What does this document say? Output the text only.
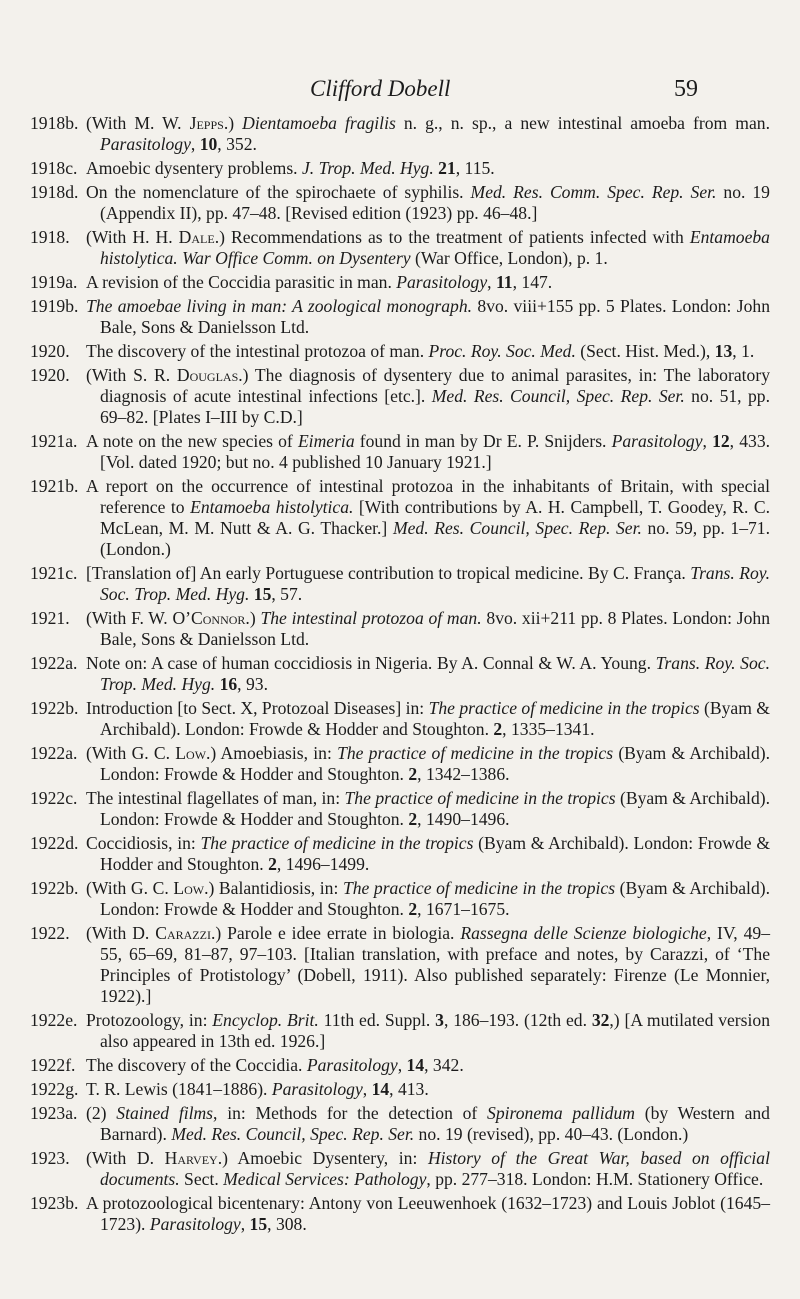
Clifford Dobell	59
1918b. (With M. W. Jepps.) Dientamoeba fragilis n. g., n. sp., a new intestinal amoeba from man. Parasitology, 10, 352.
1918c. Amoebic dysentery problems. J. Trop. Med. Hyg. 21, 115.
1918d. On the nomenclature of the spirochaete of syphilis. Med. Res. Comm. Spec. Rep. Ser. no. 19 (Appendix II), pp. 47–48. [Revised edition (1923) pp. 46–48.]
1918. (With H. H. Dale.) Recommendations as to the treatment of patients infected with Entamoeba histolytica. War Office Comm. on Dysentery (War Office, London), p. 1.
1919a. A revision of the Coccidia parasitic in man. Parasitology, 11, 147.
1919b. The amoebae living in man: A zoological monograph. 8vo. viii+155 pp. 5 Plates. London: John Bale, Sons & Danielsson Ltd.
1920. The discovery of the intestinal protozoa of man. Proc. Roy. Soc. Med. (Sect. Hist. Med.), 13, 1.
1920. (With S. R. Douglas.) The diagnosis of dysentery due to animal parasites, in: The laboratory diagnosis of acute intestinal infections [etc.]. Med. Res. Council, Spec. Rep. Ser. no. 51, pp. 69–82. [Plates I–III by C.D.]
1921a. A note on the new species of Eimeria found in man by Dr E. P. Snijders. Parasitology, 12, 433. [Vol. dated 1920; but no. 4 published 10 January 1921.]
1921b. A report on the occurrence of intestinal protozoa in the inhabitants of Britain, with special reference to Entamoeba histolytica. [With contributions by A. H. Campbell, T. Goodey, R. C. McLean, M. M. Nutt & A. G. Thacker.] Med. Res. Council, Spec. Rep. Ser. no. 59, pp. 1–71. (London.)
1921c. [Translation of] An early Portuguese contribution to tropical medicine. By C. França. Trans. Roy. Soc. Trop. Med. Hyg. 15, 57.
1921. (With F. W. O’Connor.) The intestinal protozoa of man. 8vo. xii+211 pp. 8 Plates. London: John Bale, Sons & Danielsson Ltd.
1922a. Note on: A case of human coccidiosis in Nigeria. By A. Connal & W. A. Young. Trans. Roy. Soc. Trop. Med. Hyg. 16, 93.
1922b. Introduction [to Sect. X, Protozoal Diseases] in: The practice of medicine in the tropics (Byam & Archibald). London: Frowde & Hodder and Stoughton. 2, 1335–1341.
1922a. (With G. C. Low.) Amoebiasis, in: The practice of medicine in the tropics (Byam & Archibald). London: Frowde & Hodder and Stoughton. 2, 1342–1386.
1922c. The intestinal flagellates of man, in: The practice of medicine in the tropics (Byam & Archibald). London: Frowde & Hodder and Stoughton. 2, 1490–1496.
1922d. Coccidiosis, in: The practice of medicine in the tropics (Byam & Archibald). London: Frowde & Hodder and Stoughton. 2, 1496–1499.
1922b. (With G. C. Low.) Balantidiosis, in: The practice of medicine in the tropics (Byam & Archibald). London: Frowde & Hodder and Stoughton. 2, 1671–1675.
1922. (With D. Carazzi.) Parole e idee errate in biologia. Rassegna delle Scienze biologiche, IV, 49–55, 65–69, 81–87, 97–103. [Italian translation, with preface and notes, by Carazzi, of ‘The Principles of Protistology’ (Dobell, 1911). Also published separately: Firenze (Le Monnier, 1922).]
1922e. Protozoology, in: Encyclop. Brit. 11th ed. Suppl. 3, 186–193. (12th ed. 32,) [A mutilated version also appeared in 13th ed. 1926.]
1922f. The discovery of the Coccidia. Parasitology, 14, 342.
1922g. T. R. Lewis (1841–1886). Parasitology, 14, 413.
1923a. (2) Stained films, in: Methods for the detection of Spironema pallidum (by Western and Barnard). Med. Res. Council, Spec. Rep. Ser. no. 19 (revised), pp. 40–43. (London.)
1923. (With D. Harvey.) Amoebic Dysentery, in: History of the Great War, based on official documents. Sect. Medical Services: Pathology, pp. 277–318. London: H.M. Stationery Office.
1923b. A protozoological bicentenary: Antony von Leeuwenhoek (1632–1723) and Louis Joblot (1645–1723). Parasitology, 15, 308.
